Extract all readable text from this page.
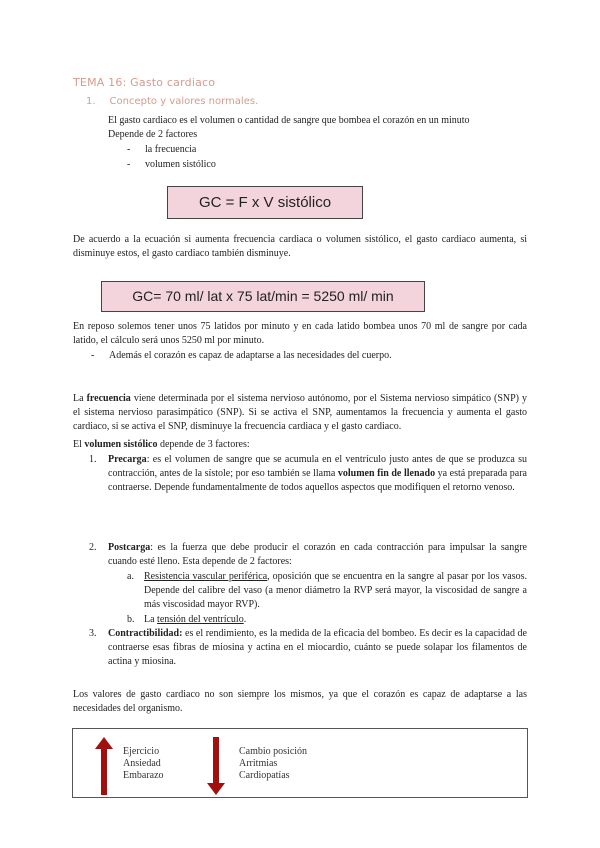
TEMA 16: Gasto cardiaco
1. Concepto y valores normales.
El gasto cardiaco es el volumen o cantidad de sangre que bombea el corazón en un minuto
Depende de 2 factores
- la frecuencia
- volumen sistólico
GC = F x V sistólico
De acuerdo a la ecuación si aumenta frecuencia cardiaca o volumen sistólico, el gasto cardiaco aumenta, si disminuye estos, el gasto cardiaco también disminuye.
GC= 70 ml/ lat x 75 lat/min = 5250 ml/ min
En reposo solemos tener unos 75 latidos por minuto y en cada latido bombea unos 70 ml de sangre por cada latido, el cálculo será unos 5250 ml por minuto.
- Además el corazón es capaz de adaptarse a las necesidades del cuerpo.
La frecuencia viene determinada por el sistema nervioso autónomo, por el Sistema nervioso simpático (SNP) y el sistema nervioso parasimpático (SNP). Si se activa el SNP, aumentamos la frecuencia y aumenta el gasto cardiaco, si se activa el SNP, disminuye la frecuencia cardiaca y el gasto cardiaco.
El volumen sistólico depende de 3 factores:
1. Precarga: es el volumen de sangre que se acumula en el ventrículo justo antes de que se produzca su contracción, antes de la sístole; por eso también se llama volumen fin de llenado ya está preparada para contraerse. Depende fundamentalmente de todos aquellos aspectos que modifiquen el retorno venoso.
2. Postcarga: es la fuerza que debe producir el corazón en cada contracción para impulsar la sangre cuando esté lleno. Esta depende de 2 factores:
a. Resistencia vascular periférica, oposición que se encuentra en la sangre al pasar por los vasos. Depende del calibre del vaso (a menor diámetro la RVP será mayor, la viscosidad de sangre a más viscosidad mayor RVP).
b. La tensión del ventrículo.
3. Contractibilidad: es el rendimiento, es la medida de la eficacia del bombeo. Es decir es la capacidad de contraerse esas fibras de miosina y actina en el miocardio, cuánto se puede solapar los filamentos de actina y miosina.
Los valores de gasto cardiaco no son siempre los mismos, ya que el corazón es capaz de adaptarse a las necesidades del organismo.
Ejercicio
Ansiedad
Embarazo
Cambio posición
Arritmias
Cardiopatías
